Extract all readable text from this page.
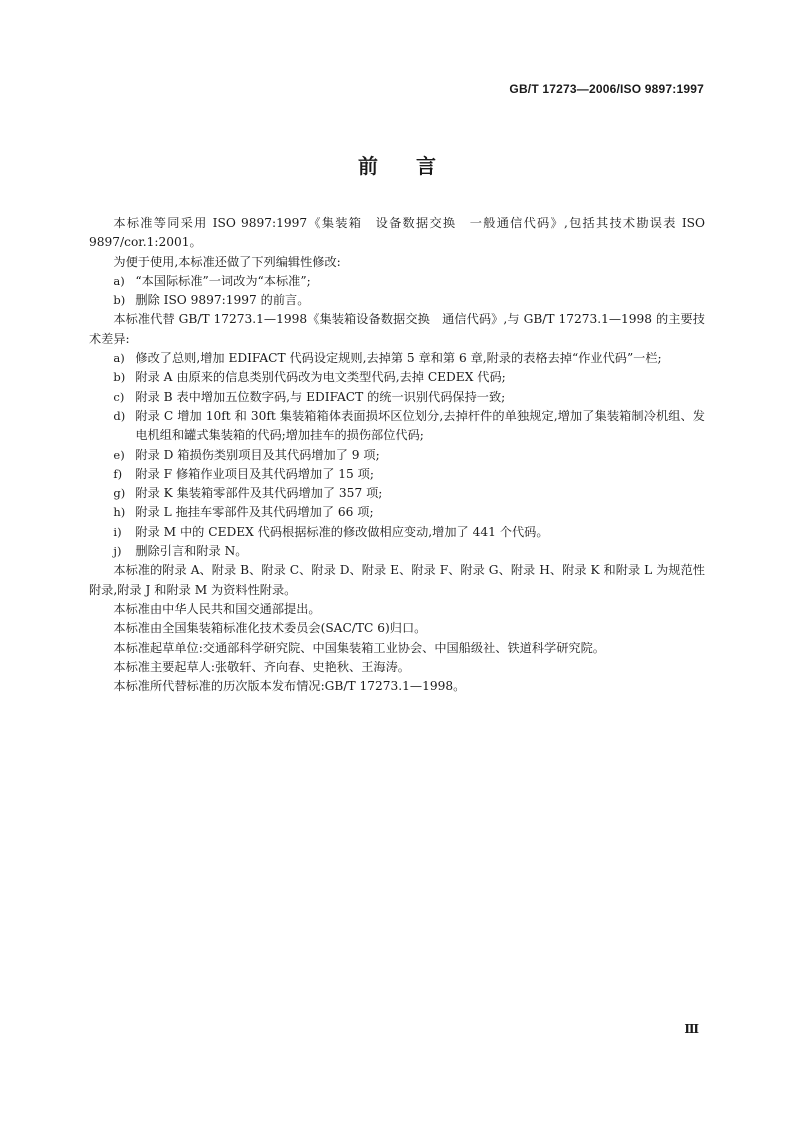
GB/T 17273—2006/ISO 9897:1997
前言

本标准等同采用 ISO 9897:1997《集装箱　设备数据交换　一般通信代码》,包括其技术勘误表 ISO 9897/cor.1:2001。

为便于使用,本标准还做了下列编辑性修改:

a) “本国际标准”一词改为“本标准”;
b) 删除 ISO 9897:1997 的前言。

本标准代替 GB/T 17273.1—1998《集装箱设备数据交换　通信代码》,与 GB/T 17273.1—1998 的主要技术差异:

a) 修改了总则,增加 EDIFACT 代码设定规则,去掉第 5 章和第 6 章,附录的表格去掉“作业代码”一栏;
b) 附录 A 由原来的信息类别代码改为电文类型代码,去掉 CEDEX 代码;
c) 附录 B 表中增加五位数字码,与 EDIFACT 的统一识别代码保持一致;
d) 附录 C 增加 10ft 和 30ft 集装箱箱体表面损坏区位划分,去掉杆件的单独规定,增加了集装箱制冷机组、发电机组和罐式集装箱的代码;增加挂车的损伤部位代码;
e) 附录 D 箱损伤类别项目及其代码增加了 9 项;
f)	附录 F 修箱作业项目及其代码增加了 15 项;
g) 附录 K 集装箱零部件及其代码增加了 357 项;
h) 附录 L 拖挂车零部件及其代码增加了 66 项;
i)	附录 M 中的 CEDEX 代码根据标准的修改做相应变动,增加了 441 个代码。
j)	删除引言和附录 N。

本标准的附录 A、附录 B、附录 C、附录 D、附录 E、附录 F、附录 G、附录 H、附录 K 和附录 L 为规范性附录,附录 J 和附录 M 为资料性附录。

本标准由中华人民共和国交通部提出。

本标准由全国集装箱标准化技术委员会(SAC/TC 6)归口。

本标准起草单位:交通部科学研究院、中国集装箱工业协会、中国船级社、铁道科学研究院。

本标准主要起草人:张敬轩、齐向春、史艳秋、王海涛。

本标准所代替标准的历次版本发布情况:GB/T 17273.1—1998。

Ⅲ
